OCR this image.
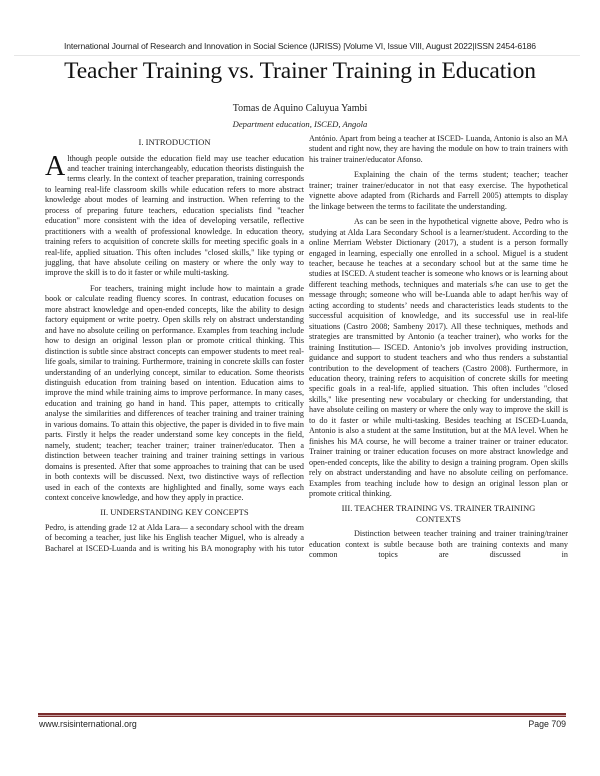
International Journal of Research and Innovation in Social Science (IJRISS) |Volume VI, Issue VIII, August 2022|ISSN 2454-6186
Teacher Training vs. Trainer Training in Education
Tomas de Aquino Caluyua Yambi
Department education, ISCED, Angola
I. INTRODUCTION

Although people outside the education field may use teacher education and teacher training interchangeably, education theorists distinguish the terms clearly. In the context of teacher preparation, training corresponds to learning real-life classroom skills while education refers to more abstract knowledge about modes of learning and instruction. When referring to the process of preparing future teachers, education specialists find "teacher education" more consistent with the idea of developing versatile, reflective practitioners with a wealth of professional knowledge. In education theory, training refers to acquisition of concrete skills for meeting specific goals in a real-life, applied situation. This often includes "closed skills," like typing or juggling, that have absolute ceiling on mastery or where the only way to improve the skill is to do it faster or while multi-tasking.

For teachers, training might include how to maintain a grade book or calculate reading fluency scores. In contrast, education focuses on more abstract knowledge and open-ended concepts, like the ability to design factory equipment or write poetry. Open skills rely on abstract understanding and have no absolute ceiling on performance. Examples from teaching include how to design an original lesson plan or promote critical thinking. This distinction is subtle since abstract concepts can empower students to meet real-life goals, similar to training. Furthermore, training in concrete skills can foster understanding of an underlying concept, similar to education. Some theorists distinguish education from training based on intention. Education aims to improve the mind while training aims to improve performance. In many cases, education and training go hand in hand. This paper, attempts to critically analyse the similarities and differences of teacher training and trainer training in various domains. To attain this objective, the paper is divided in to five main parts. Firstly it helps the reader understand some key concepts in the field, namely, student; teacher; teacher trainer; trainer trainer/educator. Then a distinction between teacher training and trainer training settings in various domains is presented. After that some approaches to training that can be used in both contexts will be discussed. Next, two distinctive ways of reflection used in each of the contexts are highlighted and finally, some ways each context conceive knowledge, and how they apply in practice.

II. UNDERSTANDING KEY CONCEPTS

Pedro, is attending grade 12 at Alda Lara— a secondary school with the dream of becoming a teacher, just like his English teacher Miguel, who is already a Bacharel at ISCED-Luanda and is writing his BA monography with his tutor

António. Apart from being a teacher at ISCED- Luanda, Antonio is also an MA student and right now, they are having the module on how to train trainers with his trainer trainer/educator Afonso.

Explaining the chain of the terms student; teacher; teacher trainer; trainer trainer/educator in not that easy exercise. The hypothetical vignette above adapted from (Richards and Farrell 2005) attempts to display the linkage between the terms to facilitate the understanding.

As can be seen in the hypothetical vignette above, Pedro who is studying at Alda Lara Secondary School is a learner/student. According to the online Merriam Webster Dictionary (2017), a student is a person formally engaged in learning, especially one enrolled in a school. Miguel is a student teacher, because he teaches at a secondary school but at the same time he studies at ISCED. A student teacher is someone who knows or is learning about different teaching methods, techniques and materials s/he can use to get the message through; someone who will be-Luanda able to adapt her/his way of acting according to students’ needs and characteristics leads students to the successful acquisition of knowledge, and its successful use in real-life situations (Castro 2008; Sambeny 2017). All these techniques, methods and strategies are transmitted by Antonio (a teacher trainer), who works for the training Institution— ISCED. Antonio’s job involves providing instruction, guidance and support to student teachers and who thus renders a substantial contribution to the development of teachers (Castro 2008). Furthermore, in education theory, training refers to acquisition of concrete skills for meeting specific goals in a real-life, applied situation. This often includes "closed skills," like presenting new vocabulary or checking for understanding, that have absolute ceiling on mastery or where the only way to improve the skill is to do it faster or while multi-tasking. Besides teaching at ISCED-Luanda, Antonio is also a student at the same Institution, but at the MA level. When he finishes his MA course, he will become a trainer trainer or trainer educator. Trainer training or trainer education focuses on more abstract knowledge and open-ended concepts, like the ability to design a training program. Open skills rely on abstract understanding and have no absolute ceiling on perfomance. Examples from teaching include how to design an original lesson plan or promote critical thinking.

III. TEACHER TRAINING VS. TRAINER TRAINING
CONTEXTS

Distinction between teacher training and trainer training/trainer education context is subtle because both are training contexts and many common topics are discussed in

www.rsisinternational.org	Page 709
